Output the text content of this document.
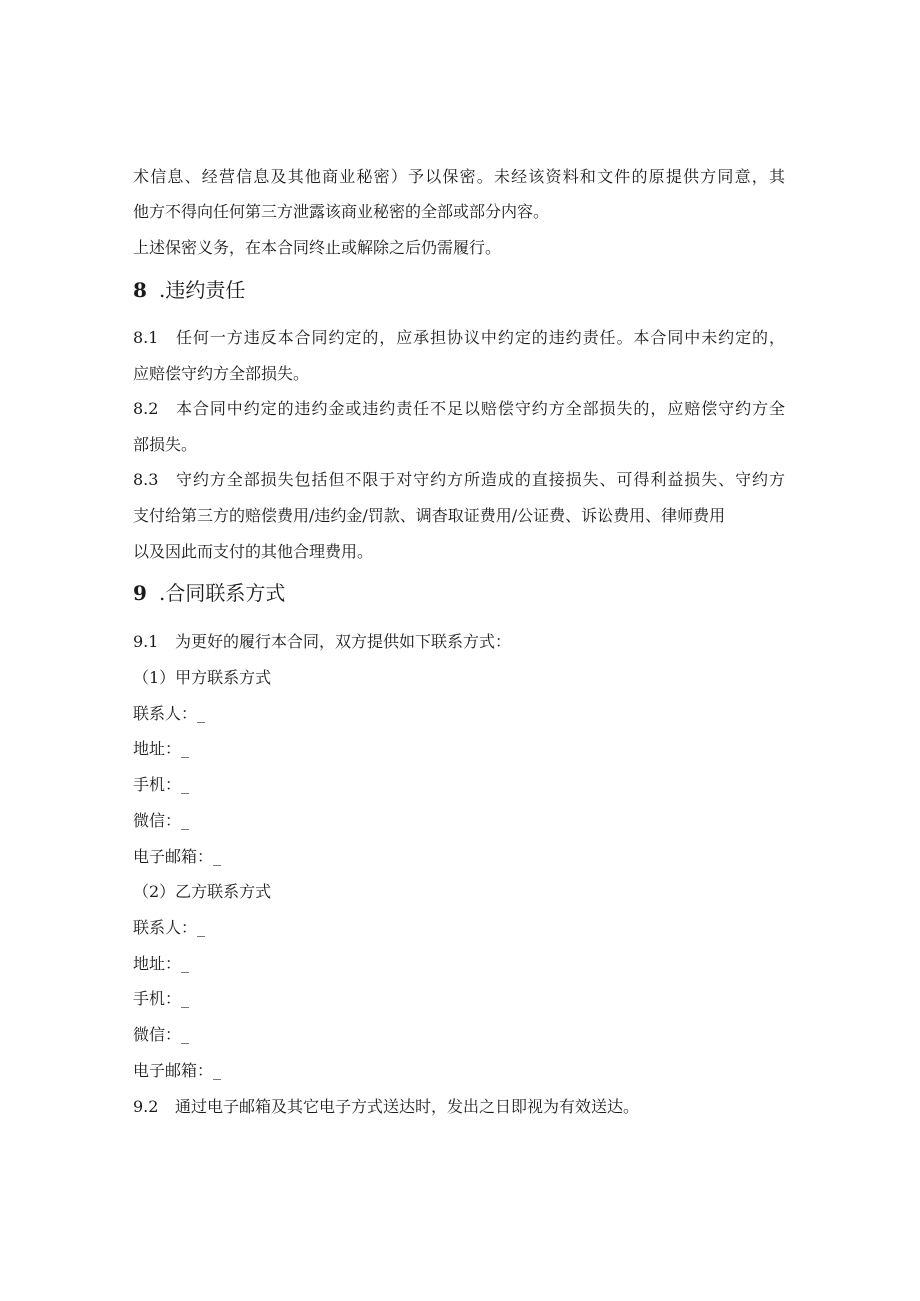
术信息、经营信息及其他商业秘密）予以保密。未经该资料和文件的原提供方同意，其
他方不得向任何第三方泄露该商业秘密的全部或部分内容。
上述保密义务，在本合同终止或解除之后仍需履行。
8 .违约责任
8.1 任何一方违反本合同约定的，应承担协议中约定的违约责任。本合同中未约定的，
应赔偿守约方全部损失。
8.2 本合同中约定的违约金或违约责任不足以赔偿守约方全部损失的，应赔偿守约方全
部损失。
8.3 守约方全部损失包括但不限于对守约方所造成的直接损失、可得利益损失、守约方
支付给第三方的赔偿费用/违约金/罚款、调杳取证费用/公证费、诉讼费用、律师费用
以及因此而支付的其他合理费用。
9 .合同联系方式
9.1 为更好的履行本合同，双方提供如下联系方式：
（1）甲方联系方式
联系人：_
地址：_
手机：_
微信：_
电子邮箱：_
（2）乙方联系方式
联系人：_
地址：_
手机：_
微信：_
电子邮箱：_
9.2 通过电子邮箱及其它电子方式送达时，发出之日即视为有效送达。
